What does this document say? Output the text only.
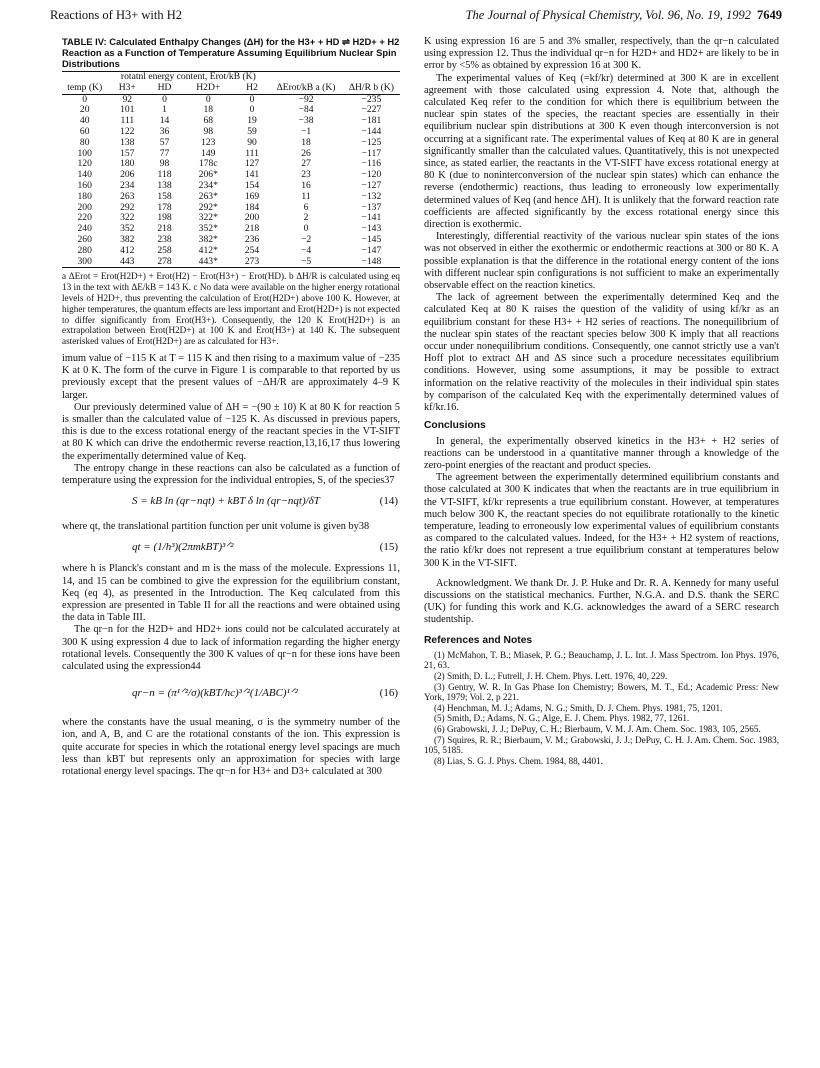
Reactions of H3+ with H2	The Journal of Physical Chemistry, Vol. 96, No. 19, 1992 7649
TABLE IV: Calculated Enthalpy Changes (ΔH) for the H3+ + HD ⇌ H2D+ + H2 Reaction as a Function of Temperature Assuming Equilibrium Nuclear Spin Distributions
	rotatnl energy content, Erot/kB (K)					
temp (K)	H3+	HD	H2D+	H2	ΔErot/kB a (K)	ΔH/R b (K)
0	92	0	0	0	−92	−235
20	101	1	18	0	−84	−227
40	111	14	68	19	−38	−181
60	122	36	98	59	−1	−144
80	138	57	123	90	18	−125
100	157	77	149	111	26	−117
120	180	98	178c	127	27	−116
140	206	118	206*	141	23	−120
160	234	138	234*	154	16	−127
180	263	158	263*	169	11	−132
200	292	178	292*	184	6	−137
220	322	198	322*	200	2	−141
240	352	218	352*	218	0	−143
260	382	238	382*	236	−2	−145
280	412	258	412*	254	−4	−147
300	443	278	443*	273	−5	−148
a ΔErot = Erot(H2D+) + Erot(H2) − Erot(H3+) − Erot(HD). b ΔH/R is calculated using eq 13 in the text with ΔE/kB = 143 K. c No data were available on the higher energy rotational levels of H2D+, thus preventing the calculation of Erot(H2D+) above 100 K. However, at higher temperatures, the quantum effects are less important and Erot(H2D+) is not expected to differ significantly from Erot(H3+). Consequently, the 120 K Erot(H2D+) is an extrapolation between Erot(H2D+) at 100 K and Erot(H3+) at 140 K. The subsequent asterisked values of Erot(H2D+) are as calculated for H3+.

imum value of −115 K at T = 115 K and then rising to a maximum value of −235 K at 0 K. The form of the curve in Figure 1 is comparable to that reported by us previously except that the present values of −ΔH/R are approximately 4–9 K larger.

Our previously determined value of ΔH = −(90 ± 10) K at 80 K for reaction 5 is smaller than the calculated value of −125 K. As discussed in previous papers, this is due to the excess rotational energy of the reactant species in the VT-SIFT at 80 K which can drive the endothermic reverse reaction,13,16,17 thus lowering the experimentally determined value of Keq.

The entropy change in these reactions can also be calculated as a function of temperature using the expression for the individual entropies, S, of the species37

S = kB ln (qr−nqt) + kBT δ ln (qr−nqt)/δT	(14)

where qt, the translational partition function per unit volume is given by38

qt = (1/h³)(2πmkBT)³ᐟ²	(15)

where h is Planck's constant and m is the mass of the molecule. Expressions 11, 14, and 15 can be combined to give the expression for the equilibrium constant, Keq (eq 4), as presented in the Introduction. The Keq calculated from this expression are presented in Table II for all the reactions and were obtained using the data in Table III.

The qr−n for the H2D+ and HD2+ ions could not be calculated accurately at 300 K using expression 4 due to lack of information regarding the higher energy rotational levels. Consequently the 300 K values of qr−n for these ions have been calculated using the expression44

qr−n = (π¹ᐟ²/σ)(kBT/hc)³ᐟ²(1/ABC)¹ᐟ²	(16)

where the constants have the usual meaning, σ is the symmetry number of the ion, and A, B, and C are the rotational constants of the ion. This expression is quite accurate for species in which the rotational energy level spacings are much less than kBT but represents only an approximation for species with large rotational energy level spacings. The qr−n for H3+ and D3+ calculated at 300

K using expression 16 are 5 and 3% smaller, respectively, than the qr−n calculated using expression 12. Thus the individual qr−n for H2D+ and HD2+ are likely to be in error by <5% as obtained by expression 16 at 300 K.

The experimental values of Keq (=kf/kr) determined at 300 K are in excellent agreement with those calculated using expression 4. Note that, although the calculated Keq refer to the condition for which there is equilibrium between the nuclear spin states of the species, the reactant species are essentially in their equilibrium nuclear spin distributions at 300 K even though interconversion is not occurring at a significant rate. The experimental values of Keq at 80 K are in general significantly smaller than the calculated values. Quantitatively, this is not unexpected since, as stated earlier, the reactants in the VT-SIFT have excess rotational energy at 80 K (due to noninterconversion of the nuclear spin states) which can enhance the reverse (endothermic) reactions, thus leading to erroneously low experimentally determined values of Keq (and hence ΔH). It is unlikely that the forward reaction rate coefficients are affected significantly by the excess rotational energy since this direction is exothermic.

Interestingly, differential reactivity of the various nuclear spin states of the ions was not observed in either the exothermic or endothermic reactions at 300 or 80 K. A possible explanation is that the difference in the rotational energy content of the ions with different nuclear spin configurations is not sufficient to make an experimentally observable effect on the reaction kinetics.

The lack of agreement between the experimentally determined Keq and the calculated Keq at 80 K raises the question of the validity of using kf/kr as an equilibrium constant for these H3+ + H2 series of reactions. The nonequilibrium of the nuclear spin states of the reactant species below 300 K imply that all reactions occur under nonequilibrium conditions. Consequently, one cannot strictly use a van't Hoff plot to extract ΔH and ΔS since such a procedure necessitates equilibrium conditions. However, using some assumptions, it may be possible to extract information on the relative reactivity of the molecules in their individual spin states by comparison of the calculated Keq with the experimentally determined values of kf/kr.16.

Conclusions

In general, the experimentally observed kinetics in the H3+ + H2 series of reactions can be understood in a quantitative manner through a knowledge of the zero-point energies of the reactant and product species.

The agreement between the experimentally determined equilibrium constants and those calculated at 300 K indicates that when the reactants are in true equilibrium in the VT-SIFT, kf/kr represents a true equilibrium constant. However, at temperatures much below 300 K, the reactant species do not equilibrate rotationally to the kinetic temperature, leading to erroneously low experimental values of equilibrium constants as compared to the calculated values. Indeed, for the H3+ + H2 system of reactions, the ratio kf/kr does not represent a true equilibrium constant at temperatures below 300 K in the VT-SIFT.

Acknowledgment. We thank Dr. J. P. Huke and Dr. R. A. Kennedy for many useful discussions on the statistical mechanics. Further, N.G.A. and D.S. thank the SERC (UK) for funding this work and K.G. acknowledges the award of a SERC research studentship.

References and Notes
(1) McMahon, T. B.; Miasek, P. G.; Beauchamp, J. L. Int. J. Mass Spectrom. Ion Phys. 1976, 21, 63.
(2) Smith, D. L.; Futrell, J. H. Chem. Phys. Lett. 1976, 40, 229.
(3) Gentry, W. R. In Gas Phase Ion Chemistry; Bowers, M. T., Ed.; Academic Press: New York, 1979; Vol. 2, p 221.
(4) Henchman, M. J.; Adams, N. G.; Smith, D. J. Chem. Phys. 1981, 75, 1201.
(5) Smith, D.; Adams, N. G.; Alge, E. J. Chem. Phys. 1982, 77, 1261.
(6) Grabowski, J. J.; DePuy, C. H.; Bierbaum, V. M. J. Am. Chem. Soc. 1983, 105, 2565.
(7) Squires, R. R.; Bierbaum, V. M.; Grabowski, J. J.; DePuy, C. H. J. Am. Chem. Soc. 1983, 105, 5185.
(8) Lias, S. G. J. Phys. Chem. 1984, 88, 4401.
